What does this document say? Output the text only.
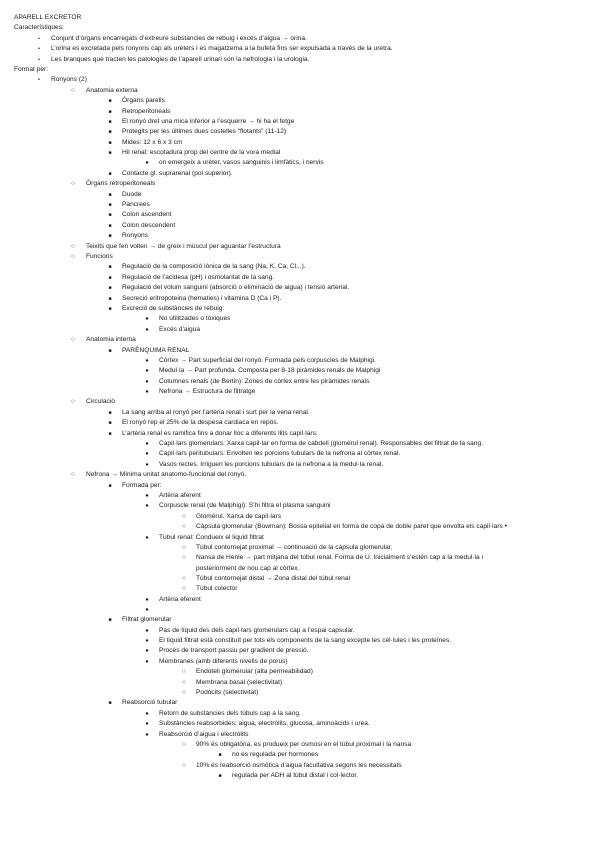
APARELL EXCRETOR
Característiques:
•	Conjunt d’òrgans encarregats d’extreure substàncies de rebuig i excés d’aigua → orina.
•	L’orina es excretada pels ronyons cap als urèters i es magatzema a la bufeta fins ser expulsada a través de la uretra.
•	Les branques que tracten les patologies de l’aparell urinari són la nefrologia i la urologia.
Format per:
•	Ronyons (2)
○	Anatomia externa
■	Òrgans parells
■	Retroperitoneals
■	El ronyó dret una mica inferior a l’esquerre → hi ha el fetge
■	Protegits per les últimes dues costelles “flotants” (11-12)
■	Mides: 12 x 6 x 3 cm
■	Hil renal: escotadura prop del centre de la vora medial
●	on emergeix a urèter, vasos sanguinis i limfàtics, i nervis
■	Contacte gl. suprarenal (pol superior).
○	Òrgans retroperitoneals
■	Duode
■	Pàncrees
■	Colon ascendent
■	Colon descendent
■	Ronyons
○	Teixits que fen volten → de greix i múscul per aguantar l’estructura
○	Funcions
■	Regulació de la composició iònica de la sang (Na, K, Ca, Cl...).
■	Regulació de l’acidesa (pH) i osmolaritat de la sang.
■	Regulació del volum sanguini (absorció o eliminació de aigua) i tensió arterial.
■	Secreció eritropoteina (hematies) i vitamina D (Ca i P).
■	Excreció de substàncies de rebuig:
●	No utilitzades o tòxiques
●	Excés d’aigua
○	Anatomia interna
■	PARÈNQUIMA RENAL
●	Còrtex → Part superficial del ronyó. Formada pels corpuscles de Malphigi.
●	Medul·la → Part profunda. Composta per 8-18 piràmides renals de Malphigi
●	Columnes renals (de Bertin): Zones de còrtex entre les piràmides renals
●	Nefrona → Estructura de filtratge
○	Circulació
■	La sang arriba al ronyó per l’artèria renal i surt per la vena renal.
■	El ronyó rep el 25% de la despesa cardiaca en repós.
■	L’artèria renal es ramifica fins a donar lloc a diferents llits capil·lars:
●	Capil·lars glomerulars: Xarxa capil·lar en forma de cabdell (glomèrul renal). Responsables del filtrat de la sang.
●	Capil·lars peritubulars: Envolten les porcions tubulars de la nefrona al còrtex renal.
●	Vasos rectes. Irriguen les porcions tubulars de la nefrona a la medul·la renal.
○	Nefrona → Mínima unitat anatomo-funcional del ronyó.
■	Formada per:
●	Artèria aferent
●	Corpuscle renal (de Malphigi): S’hi filtra el plasma sanguini
○	Glomèrul. Xarxa de capil·lars
○	Càpsula glomerular (Bowman): Bossa epitelial en forma de copa de doble paret que envolta els capil·lars •
●	Túbul renal: Condueix el liquid filtrat
○	Túbul contornejat proximal → continuació de la càpsula glomerular.
○	Nansa de Henle → part mitjana del túbul renal. Forma de U. Inicialment s’estén cap a la medul·la i posteriorment de nou cap al còrtex.
○	Túbul contornejat distal → Zona distal del túbul renal
○	Túbul colector
●	Artèria eferent
●
■	Filtrat glomerular
●	Pas de líquid des dels capil·lars glomerulars cap a l’espai capsular.
●	El líquid filtrat està constituït per tots els components de la sang excepte les cèl·lules i les proteïnes.
●	Procés de transport passiu per gradient de pressió.
●	Membranes (amb diferents nivells de porus)
○	Endoteli glomerular (alta permeabilidad)
○	Membrana basal (selectivitat)
○	Podòcits (selectivitat)
■	Reabsorció tubular
●	Retorn de substàncies dels túbuls cap a la sang.
●	Substàncies reabsorbides: aigua, electròlits, glucosa, aminoàcids i urea.
●	Reabsorció d’aigua i electròlits
○	90% és obligatòria, es produeix per osmosi en el túbul proximal i la nansa
■	no es regulada per hormones
○	10% és reabsorció osmòtica d’aigua facultativa segons les necessitats
■	regulada per ADH al túbul distal i col·lector.
